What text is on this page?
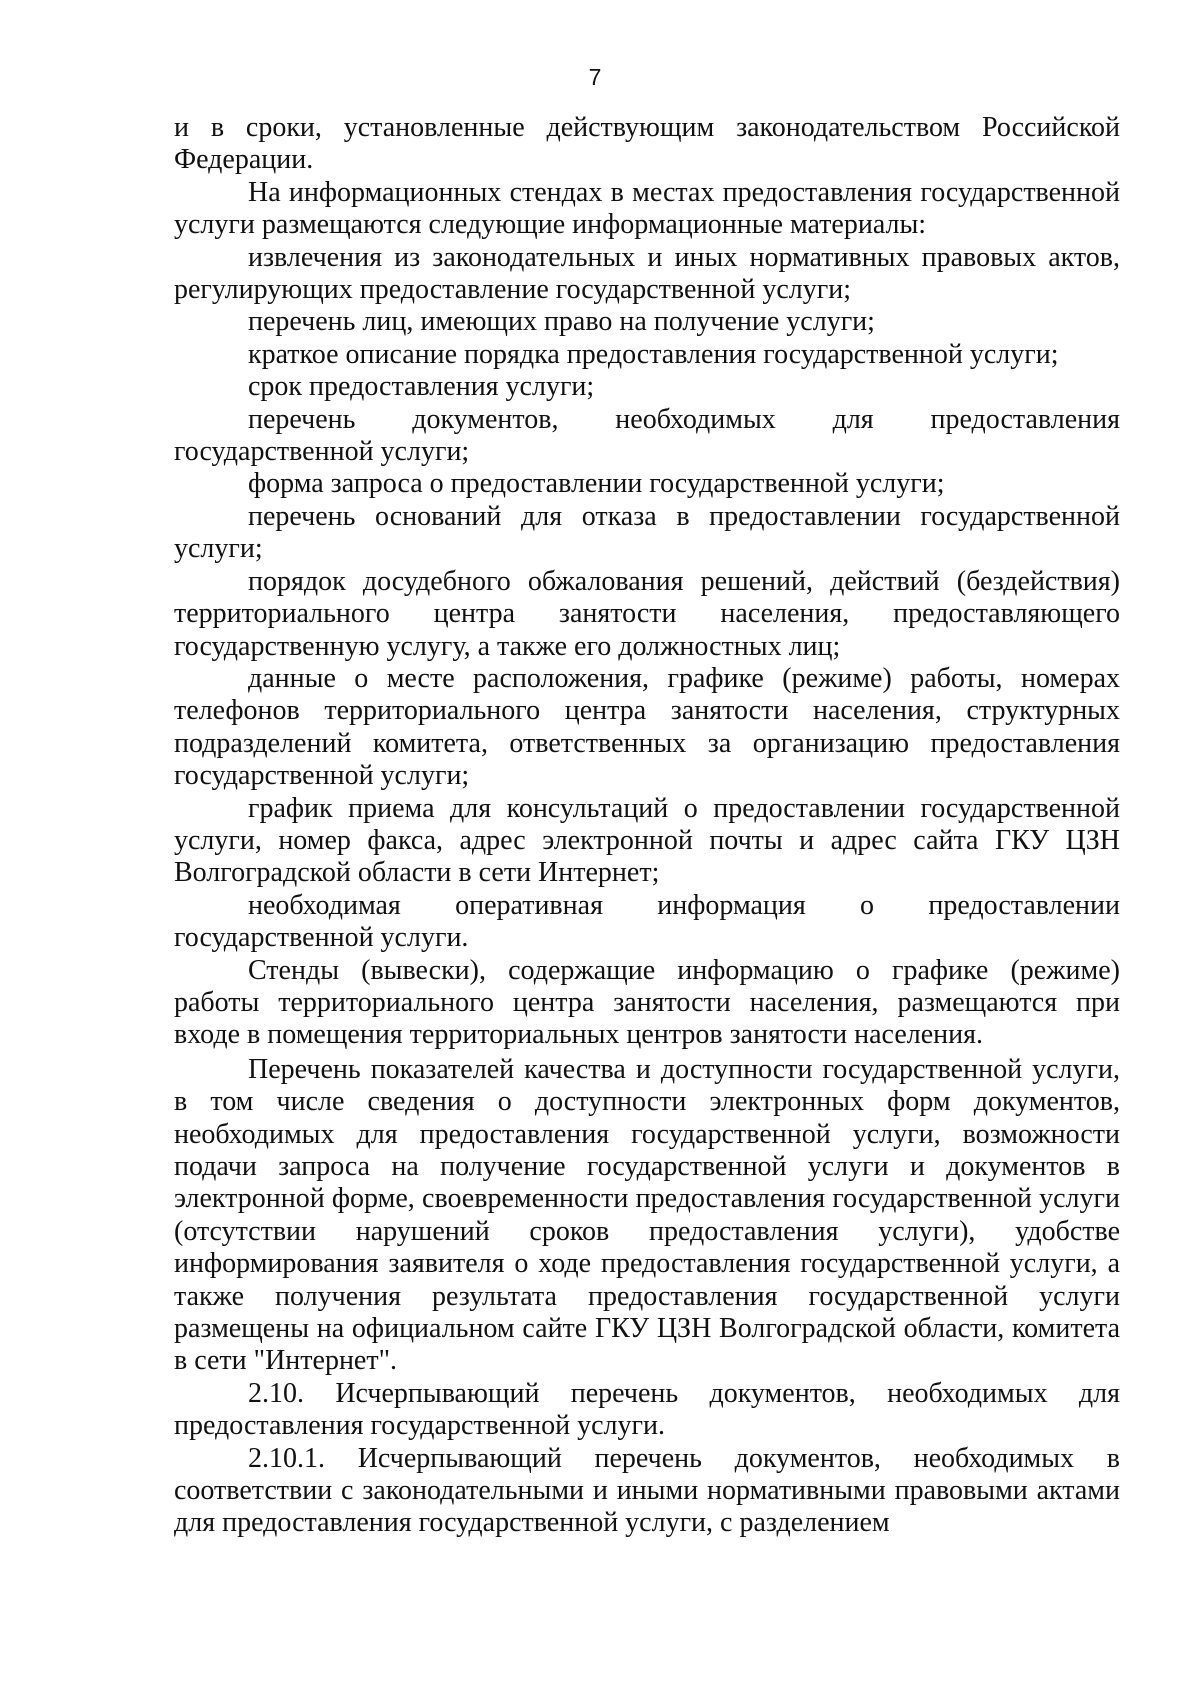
7

и в сроки, установленные действующим законодательством Российской Федерации.

На информационных стендах в местах предоставления государственной услуги размещаются следующие информационные материалы:

извлечения из законодательных и иных нормативных правовых актов, регулирующих предоставление государственной услуги;

перечень лиц, имеющих право на получение услуги;

краткое описание порядка предоставления государственной услуги;

срок предоставления услуги;

перечень документов, необходимых для предоставления государственной услуги;

форма запроса о предоставлении государственной услуги;

перечень оснований для отказа в предоставлении государственной услуги;

порядок досудебного обжалования решений, действий (бездействия) территориального центра занятости населения, предоставляющего государственную услугу, а также его должностных лиц;

данные о месте расположения, графике (режиме) работы, номерах телефонов территориального центра занятости населения, структурных подразделений комитета, ответственных за организацию предоставления государственной услуги;

график приема для консультаций о предоставлении государственной услуги, номер факса, адрес электронной почты и адрес сайта ГКУ ЦЗН Волгоградской области в сети Интернет;

необходимая оперативная информация о предоставлении государственной услуги.

Стенды (вывески), содержащие информацию о графике (режиме) работы территориального центра занятости населения, размещаются при входе в помещения территориальных центров занятости населения.

Перечень показателей качества и доступности государственной услуги, в том числе сведения о доступности электронных форм документов, необходимых для предоставления государственной услуги, возможности подачи запроса на получение государственной услуги и документов в электронной форме, своевременности предоставления государственной услуги (отсутствии нарушений сроков предоставления услуги), удобстве информирования заявителя о ходе предоставления государственной услуги, а также получения результата предоставления государственной услуги размещены на официальном сайте ГКУ ЦЗН Волгоградской области, комитета в сети "Интернет".

2.10. Исчерпывающий перечень документов, необходимых для предоставления государственной услуги.

2.10.1. Исчерпывающий перечень документов, необходимых в соответствии с законодательными и иными нормативными правовыми актами для предоставления государственной услуги, с разделением
